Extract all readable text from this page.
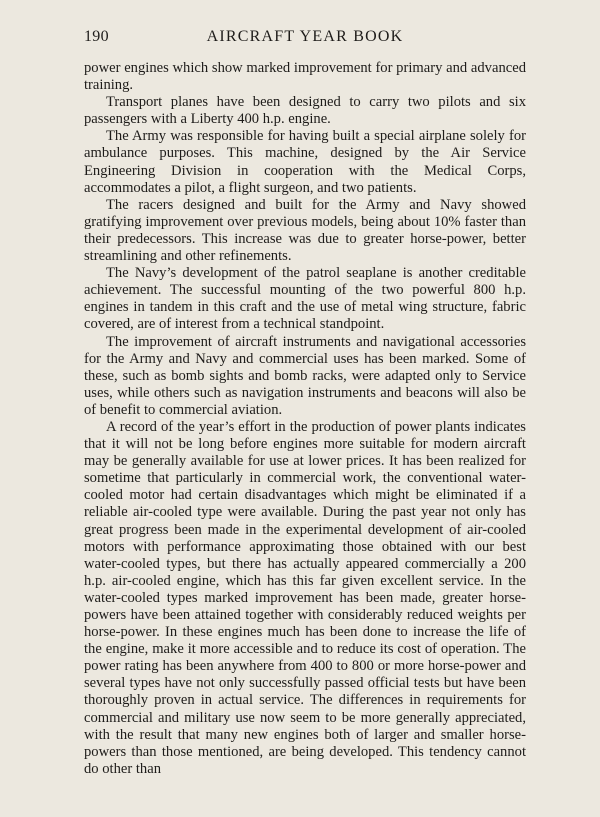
190	AIRCRAFT YEAR BOOK

power engines which show marked improvement for primary and advanced training.

Transport planes have been designed to carry two pilots and six passengers with a Liberty 400 h.p. engine.

The Army was responsible for having built a special airplane solely for ambulance purposes. This machine, designed by the Air Service Engineering Division in cooperation with the Medical Corps, accommodates a pilot, a flight surgeon, and two patients.

The racers designed and built for the Army and Navy showed gratifying improvement over previous models, being about 10% faster than their predecessors. This increase was due to greater horse-power, better streamlining and other refinements.

The Navy’s development of the patrol seaplane is another creditable achievement. The successful mounting of the two powerful 800 h.p. engines in tandem in this craft and the use of metal wing structure, fabric covered, are of interest from a technical standpoint.

The improvement of aircraft instruments and navigational accessories for the Army and Navy and commercial uses has been marked. Some of these, such as bomb sights and bomb racks, were adapted only to Service uses, while others such as navigation instruments and beacons will also be of benefit to commercial aviation.

A record of the year’s effort in the production of power plants indicates that it will not be long before engines more suitable for modern aircraft may be generally available for use at lower prices. It has been realized for sometime that particularly in commercial work, the conventional water-cooled motor had certain disadvantages which might be eliminated if a reliable air-cooled type were available. During the past year not only has great progress been made in the experimental development of air-cooled motors with performance approximating those obtained with our best water-cooled types, but there has actually appeared commercially a 200 h.p. air-cooled engine, which has this far given excellent service. In the water-cooled types marked improvement has been made, greater horse-powers have been attained together with considerably reduced weights per horse-power. In these engines much has been done to increase the life of the engine, make it more accessible and to reduce its cost of operation. The power rating has been anywhere from 400 to 800 or more horse-power and several types have not only successfully passed official tests but have been thoroughly proven in actual service. The differences in requirements for commercial and military use now seem to be more generally appreciated, with the result that many new engines both of larger and smaller horse-powers than those mentioned, are being developed. This tendency cannot do other than
